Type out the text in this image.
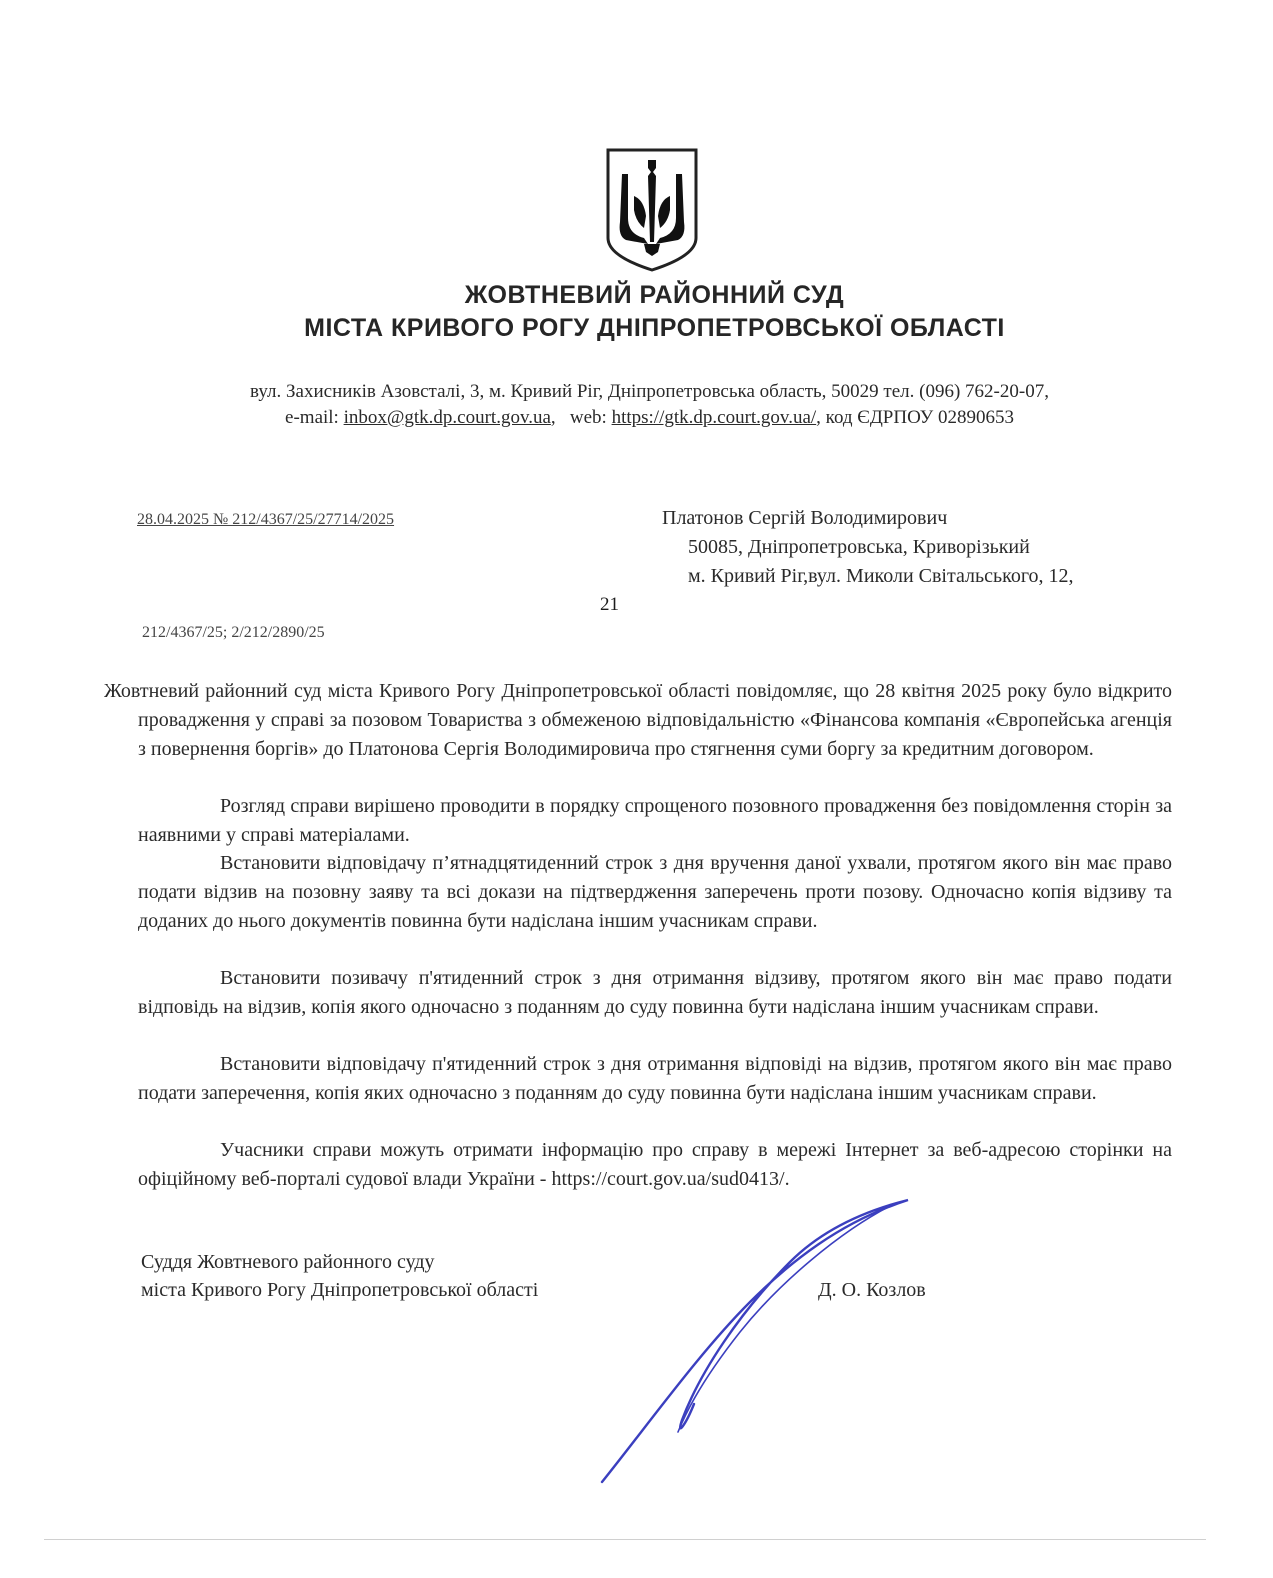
ЖОВТНЕВИЙ РАЙОННИЙ СУД
МІСТА КРИВОГО РОГУ ДНІПРОПЕТРОВСЬКОЇ ОБЛАСТІ
вул. Захисників Азовсталі, 3, м. Кривий Ріг, Дніпропетровська область, 50029 тел. (096) 762-20-07,
e-mail: inbox@gtk.dp.court.gov.ua,   web: https://gtk.dp.court.gov.ua/, код ЄДРПОУ 02890653
28.04.2025 № 212/4367/25/27714/2025	Платонов Сергій Володимирович
50085, Дніпропетровська, Криворізький
м. Кривий Ріг,вул. Миколи Світальського, 12,
21
212/4367/25; 2/212/2890/25
Жовтневий районний суд міста Кривого Рогу Дніпропетровської області повідомляє, що 28 квітня 2025 року було відкрито провадження у справі за позовом Товариства з обмеженою відповідальністю «Фінансова компанія «Європейська агенція з повернення боргів» до Платонова Сергія Володимировича про стягнення суми боргу за кредитним договором.
Розгляд справи вирішено проводити в порядку спрощеного позовного провадження без повідомлення сторін за наявними у справі матеріалами.
Встановити відповідачу п’ятнадцятиденний строк з дня вручення даної ухвали, протягом якого він має право подати відзив на позовну заяву та всі докази на підтвердження заперечень проти позову. Одночасно копія відзиву та доданих до нього документів повинна бути надіслана іншим учасникам справи.
Встановити позивачу п'ятиденний строк з дня отримання відзиву, протягом якого він має право подати відповідь на відзив, копія якого одночасно з поданням до суду повинна бути надіслана іншим учасникам справи.
Встановити відповідачу п'ятиденний строк з дня отримання відповіді на відзив, протягом якого він має право подати заперечення, копія яких одночасно з поданням до суду повинна бути надіслана іншим учасникам справи.
Учасники справи можуть отримати інформацію про справу в мережі Інтернет за веб-адресою сторінки на офіційному веб-порталі судової влади України - https://court.gov.ua/sud0413/.
Суддя Жовтневого районного суду
міста Кривого Рогу Дніпропетровської області	Д. О. Козлов
